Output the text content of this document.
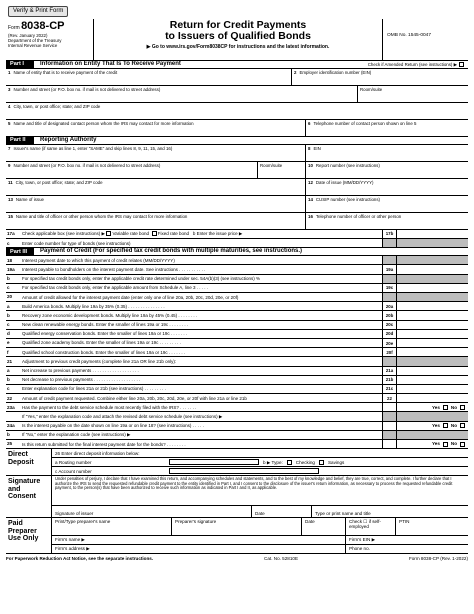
Verify & Print Form
Form 8038-CP
(Rev. January 2022)
Department of the Treasury
Internal Revenue Service
Return for Credit Payments
to Issuers of Qualified Bonds
▶ Go to www.irs.gov/Form8038CP for instructions and the latest information.
OMB No. 1545-0047
Part I	Information on Entity That Is To Receive Payment	Check if Amended Return (see instructions) ▶
1 Name of entity that is to receive payment of the credit	2 Employer identification number (EIN)
3 Number and street (or P.O. box no. if mail is not delivered to street address)	Room/suite
4 City, town, or post office; state; and ZIP code
5 Name and title of designated contact person whom the IRS may contact for more information	6 Telephone number of contact person shown on line 5
Part II	Reporting Authority
7 Issuer's name (if same as line 1, enter "SAME" and skip lines 8, 9, 11, 15, and 16)	8 EIN
9 Number and street (or P.O. box no. if mail is not delivered to street address)	Room/suite	10 Report number (see instructions)
11 City, town, or post office; state; and ZIP code	12 Date of issue (MM/DD/YYYY)
13 Name of issue	14 CUSIP number (see instructions)
15 Name and title of officer or other person whom the IRS may contact for more information	16 Telephone number of officer or other person
17a	Check applicable box (see instructions) ▶
Variable rate bond

Fixed rate bond
b Enter the issue price ▶	17b
c	Enter code number for type of bonds (see instructions)
Part III	Payment of Credit (For specified tax credit bonds with multiple maturities, see instructions.)
18	Interest payment date to which this payment of credit relates (MM/DD/YYYY)
19a	Interest payable to bondholders on the interest payment date. See instructions . . . . . . . . . . .	19a
b	For specified tax credit bonds only, enter the applicable credit rate determined under sec. 54A(b)(3) (see instructions) %
c	For specified tax credit bonds only, enter the applicable amount from Schedule A, line 3 . . . . .	19c
20	Amount of credit allowed for the interest payment date (enter only one of line 20a, 20b, 20c, 20d, 20e, or 20f)
a	Build America bonds. Multiply line 19a by 35% (0.35) . . . . . . . . . . . . . . .	20a
b	Recovery zone economic development bonds. Multiply line 19a by 45% (0.45) . . . . . . . .	20b
c	New clean renewable energy bonds. Enter the smaller of lines 19a or 19c . . . . . . . .	20c
d	Qualified energy conservation bonds. Enter the smaller of lines 19a or 19c . . . . . . .	20d
e	Qualified zone academy bonds. Enter the smaller of lines 19a or 19c . . . . . . . . .	20e
f	Qualified school construction bonds. Enter the smaller of lines 19a or 19c . . . . . . .	20f
21	Adjustment to previous credit payments (complete line 21a OR line 21b only):
a	Net increase to previous payments . . . . . . . . . . . . . . . . . . .	21a
b	Net decrease to previous payments . . . . . . . . . . . . . . . . . . .	21b
c	Enter explanation code for lines 21a or 21b (see instructions) . . . . . . . . .	21c
22	Amount of credit payment requested. Combine either line 20a, 20b, 20c, 20d, 20e, or 20f with line 21a or line 21b	22
23a	Has the payment to the debt service schedule most recently filed with the IRS? . . . . . . .	Yes No
If "Yes," enter the explanation code and attach the revised debt service schedule (see instructions) ▶
24a	Is the interest payable on the date shown on line 19a or on line 18? (see instructions) . . . . .	Yes No
b	If "No," enter the explanation code (see instructions) ▶
25	Is this return submitted for the final interest payment date for the bonds? . . . . . . . .	Yes No
Direct Deposit
26 Enter direct deposit information below:
a Routing number	b ▶ Type:	Checking	Savings
c Account number
Signature and Consent
Under penalties of perjury, I declare that I have examined this return, and accompanying schedules and statements, and to the best of my knowledge and belief, they are true, correct, and complete. I further declare that I authorize the IRS to send the requested refundable credit payment to the entity identified in Part I, and I consent to the disclosure of the issuer's return information, as necessary to process the requested refundable credit payment, to the person(s) that have been authorized to receive such information as indicated in Part I and II, as applicable.
Signature of issuer	Date	Type or print name and title
Paid Preparer Use Only
Print/Type preparer's name	Preparer's signature	Date	Check ☐ if self-employed
PTIN
Firm's name ▶	Firm's EIN ▶
Firm's address ▶	Phone no.
For Paperwork Reduction Act Notice, see the separate instructions.	Cat. No. 52810E	Form 8038-CP (Rev. 1-2022)
